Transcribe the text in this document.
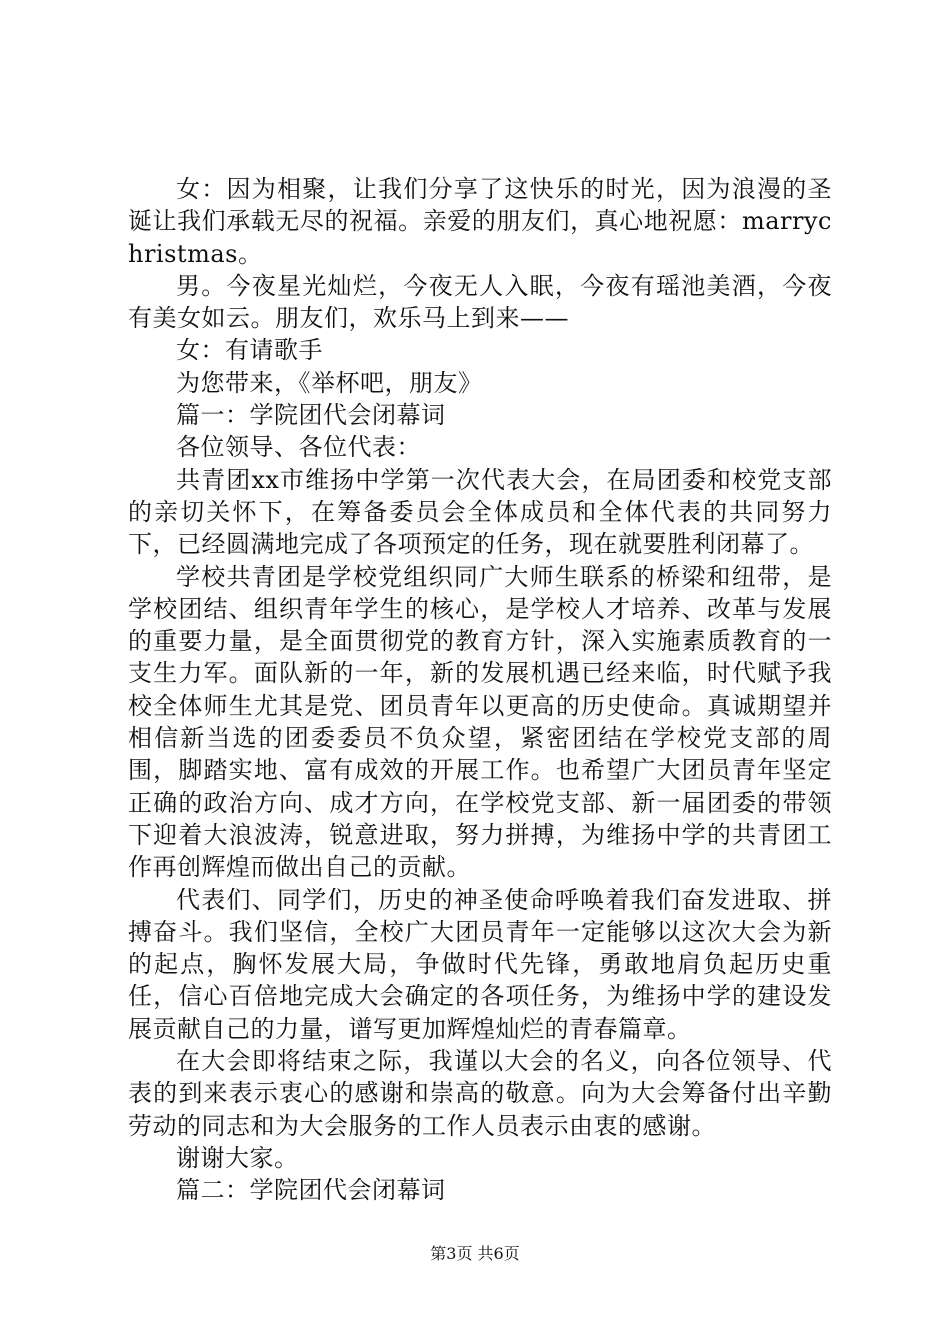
女：因为相聚，让我们分享了这快乐的时光，因为浪漫的圣诞让我们承载无尽的祝福。亲爱的朋友们，真心地祝愿：marrychristmas。

男。今夜星光灿烂，今夜无人入眠，今夜有瑶池美酒，今夜有美女如云。朋友们，欢乐马上到来——

女：有请歌手

为您带来，《举杯吧，朋友》

篇一：学院团代会闭幕词

各位领导、各位代表：

共青团xx市维扬中学第一次代表大会，在局团委和校党支部的亲切关怀下，在筹备委员会全体成员和全体代表的共同努力下，已经圆满地完成了各项预定的任务，现在就要胜利闭幕了。

学校共青团是学校党组织同广大师生联系的桥梁和纽带，是学校团结、组织青年学生的核心，是学校人才培养、改革与发展的重要力量，是全面贯彻党的教育方针，深入实施素质教育的一支生力军。面队新的一年，新的发展机遇已经来临，时代赋予我校全体师生尤其是党、团员青年以更高的历史使命。真诚期望并相信新当选的团委委员不负众望，紧密团结在学校党支部的周围，脚踏实地、富有成效的开展工作。也希望广大团员青年坚定正确的政治方向、成才方向，在学校党支部、新一届团委的带领下迎着大浪波涛，锐意进取，努力拼搏，为维扬中学的共青团工作再创辉煌而做出自己的贡献。

代表们、同学们，历史的神圣使命呼唤着我们奋发进取、拼搏奋斗。我们坚信，全校广大团员青年一定能够以这次大会为新的起点，胸怀发展大局，争做时代先锋，勇敢地肩负起历史重任，信心百倍地完成大会确定的各项任务，为维扬中学的建设发展贡献自己的力量，谱写更加辉煌灿烂的青春篇章。

在大会即将结束之际，我谨以大会的名义，向各位领导、代表的到来表示衷心的感谢和崇高的敬意。向为大会筹备付出辛勤劳动的同志和为大会服务的工作人员表示由衷的感谢。

谢谢大家。

篇二：学院团代会闭幕词

第3页 共6页
